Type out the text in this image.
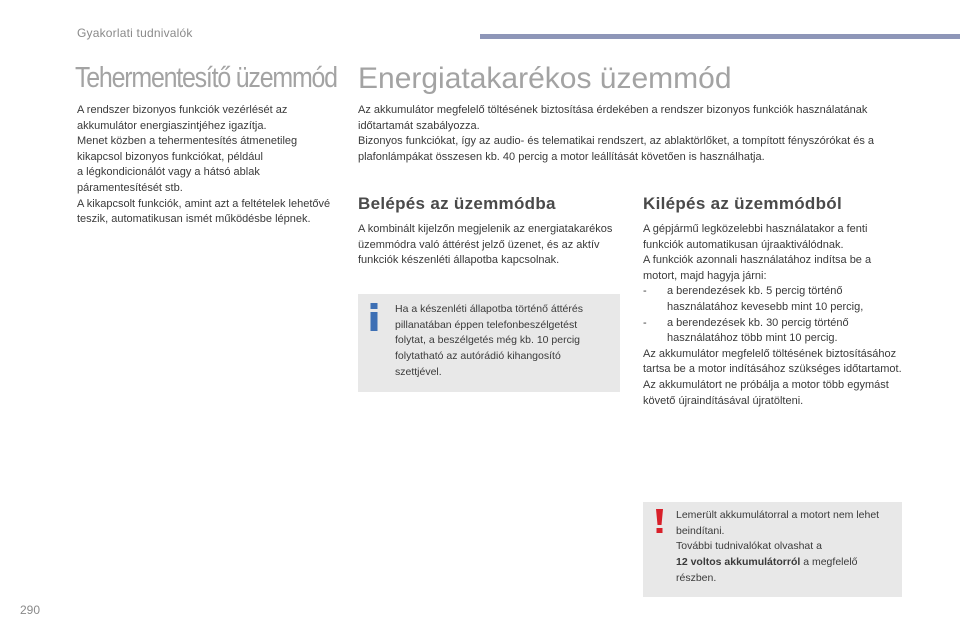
Gyakorlati tudnivalók
Tehermentesítő üzemmód Energiatakarékos üzemmód

A rendszer bizonyos funkciók vezérlését az akkumulátor energiaszintjéhez igazítja.
Menet közben a tehermentesítés átmenetileg kikapcsol bizonyos funkciókat, például
a légkondicionálót vagy a hátsó ablak páramentesítését stb.
A kikapcsolt funkciók, amint azt a feltételek lehetővé teszik, automatikusan ismét működésbe lépnek.

Az akkumulátor megfelelő töltésének biztosítása érdekében a rendszer bizonyos funkciók használatának időtartamát szabályozza.
Bizonyos funkciókat, így az audio- és telematikai rendszert, az ablaktörlőket, a tompított fényszórókat és a plafonlámpákat összesen kb. 40 percig a motor leállítását követően is használhatja.

Belépés az üzemmódba	Kilépés az üzemmódból

A kombinált kijelzőn megjelenik az energiatakarékos üzemmódra való áttérést jelző üzenet, és az aktív funkciók készenléti állapotba kapcsolnak.

Ha a készenléti állapotba történő áttérés pillanatában éppen telefonbeszélgetést folytat, a beszélgetés még kb. 10 percig folytatható az autórádió kihangosító szettjével.

A gépjármű legközelebbi használatakor a fenti funkciók automatikusan újraaktiválódnak.

A funkciók azonnali használatához indítsa be a motort, majd hagyja járni:

-	a berendezések kb. 5 percig történő használatához kevesebb mint 10 percig,
-	a berendezések kb. 30 percig történő használatához több mint 10 percig.

Az akkumulátor megfelelő töltésének biztosításához tartsa be a motor indításához szükséges időtartamot.

Az akkumulátort ne próbálja a motor több egymást követő újraindításával újratölteni.

Lemerült akkumulátorral a motort nem lehet beindítani.
További tudnivalókat olvashat a
12 voltos akkumulátorról a megfelelő részben.
290
